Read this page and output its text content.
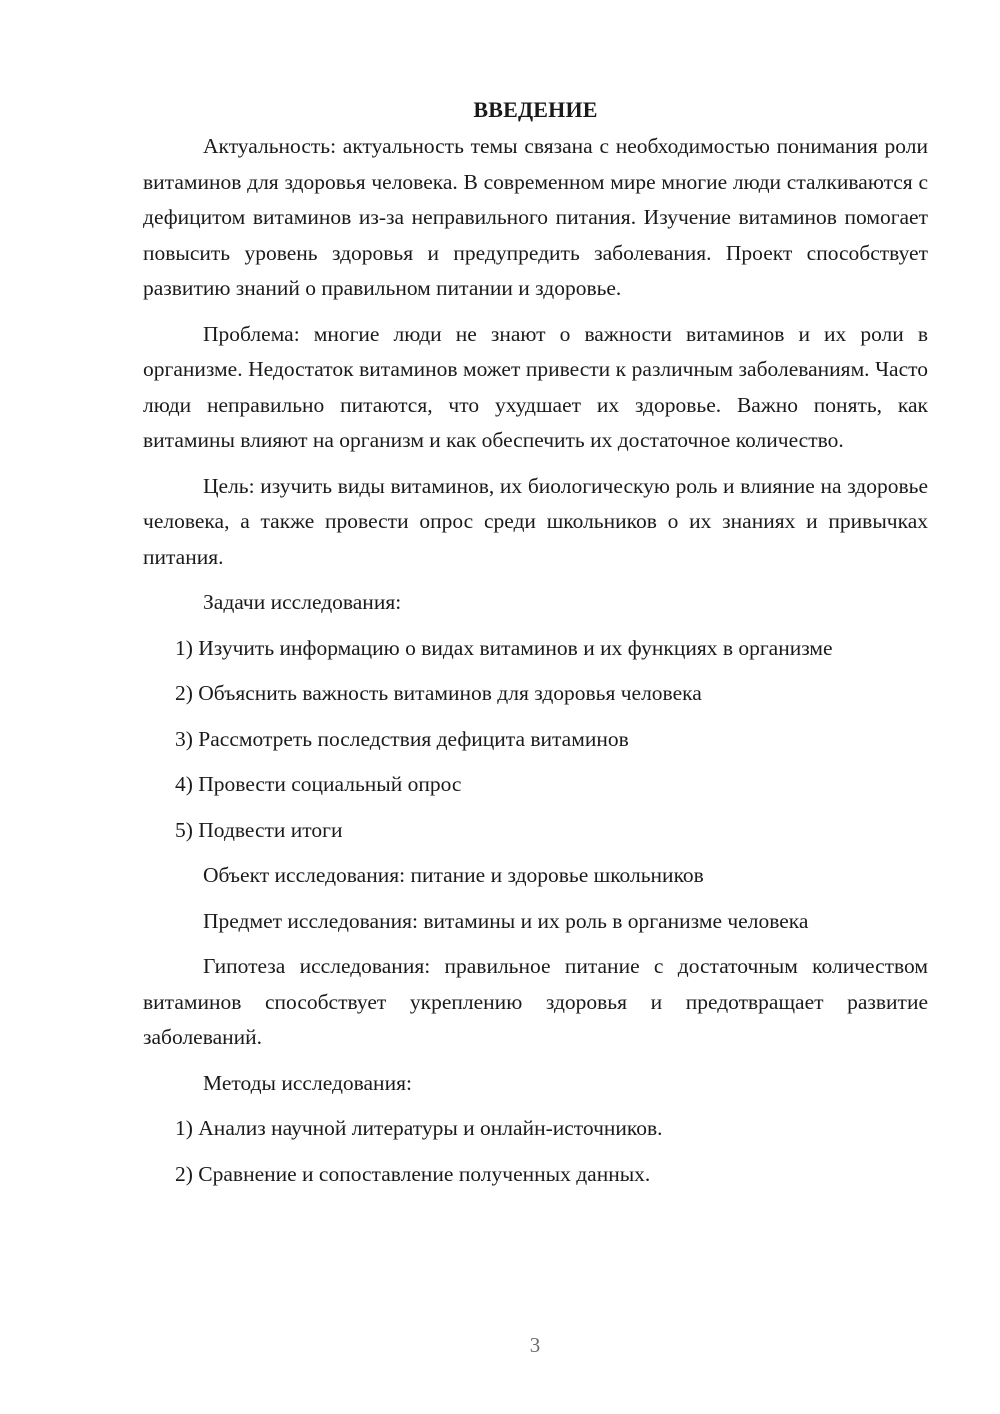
ВВЕДЕНИЕ

Актуальность: актуальность темы связана с необходимостью понимания роли витаминов для здоровья человека. В современном мире многие люди сталкиваются с дефицитом витаминов из-за неправильного питания. Изучение витаминов помогает повысить уровень здоровья и предупредить заболевания. Проект способствует развитию знаний о правильном питании и здоровье.

Проблема: многие люди не знают о важности витаминов и их роли в организме. Недостаток витаминов может привести к различным заболеваниям. Часто люди неправильно питаются, что ухудшает их здоровье. Важно понять, как витамины влияют на организм и как обеспечить их достаточное количество.

Цель: изучить виды витаминов, их биологическую роль и влияние на здоровье человека, а также провести опрос среди школьников о их знаниях и привычках питания.

Задачи исследования:

1) Изучить информацию о видах витаминов и их функциях в организме

2) Объяснить важность витаминов для здоровья человека

3) Рассмотреть последствия дефицита витаминов

4) Провести социальный опрос

5) Подвести итоги

Объект исследования: питание и здоровье школьников

Предмет исследования: витамины и их роль в организме человека

Гипотеза исследования: правильное питание с достаточным количеством витаминов способствует укреплению здоровья и предотвращает развитие заболеваний.

Методы исследования:

1) Анализ научной литературы и онлайн-источников.

2) Сравнение и сопоставление полученных данных.

3
